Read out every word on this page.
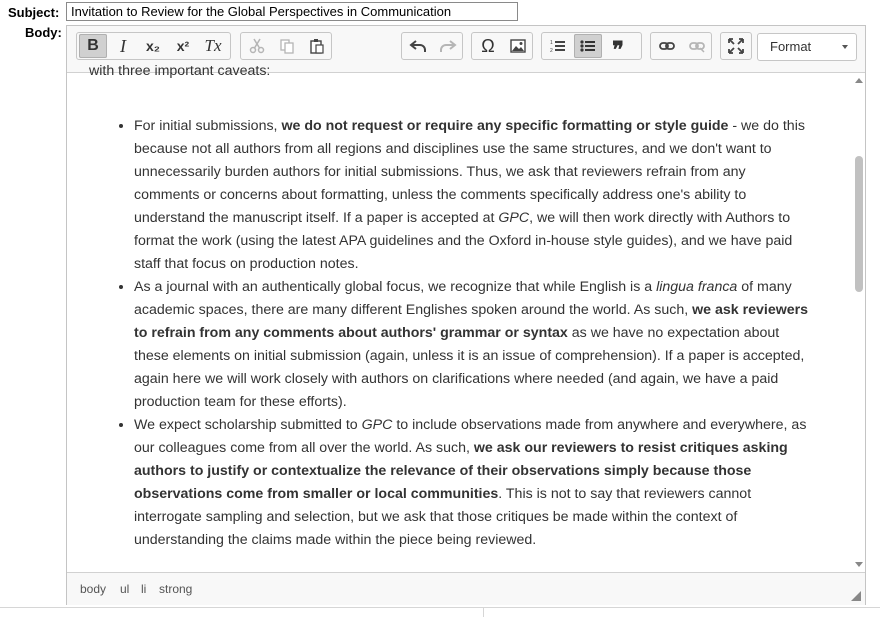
Subject:
Invitation to Review for the Global Perspectives in Communication
Body:
B	I	x₂	x² Tx	Ω	1
2	❞	Format

with three important caveats:

• For initial submissions, we do not request or require any specific formatting or style guide - we do this because not all authors from all regions and disciplines use the same structures, and we don't want to unnecessarily burden authors for initial submissions. Thus, we ask that reviewers refrain from any comments or concerns about formatting, unless the comments specifically address one's ability to understand the manuscript itself. If a paper is accepted at GPC, we will then work directly with Authors to format the work (using the latest APA guidelines and the Oxford in-house style guides), and we have paid staff that focus on production notes.
• As a journal with an authentically global focus, we recognize that while English is a lingua franca of many academic spaces, there are many different Englishes spoken around the world. As such, we ask reviewers to refrain from any comments about authors' grammar or syntax as we have no expectation about these elements on initial submission (again, unless it is an issue of comprehension). If a paper is accepted, again here we will work closely with authors on clarifications where needed (and again, we have a paid production team for these efforts).
• We expect scholarship submitted to GPC to include observations made from anywhere and everywhere, as our colleagues come from all over the world. As such, we ask our reviewers to resist critiques asking authors to justify or contextualize the relevance of their observations simply because those observations come from smaller or local communities. This is not to say that reviewers cannot interrogate sampling and selection, but we ask that those critiques be made within the context of understanding the claims made within the piece being reviewed.
body ul li strong
